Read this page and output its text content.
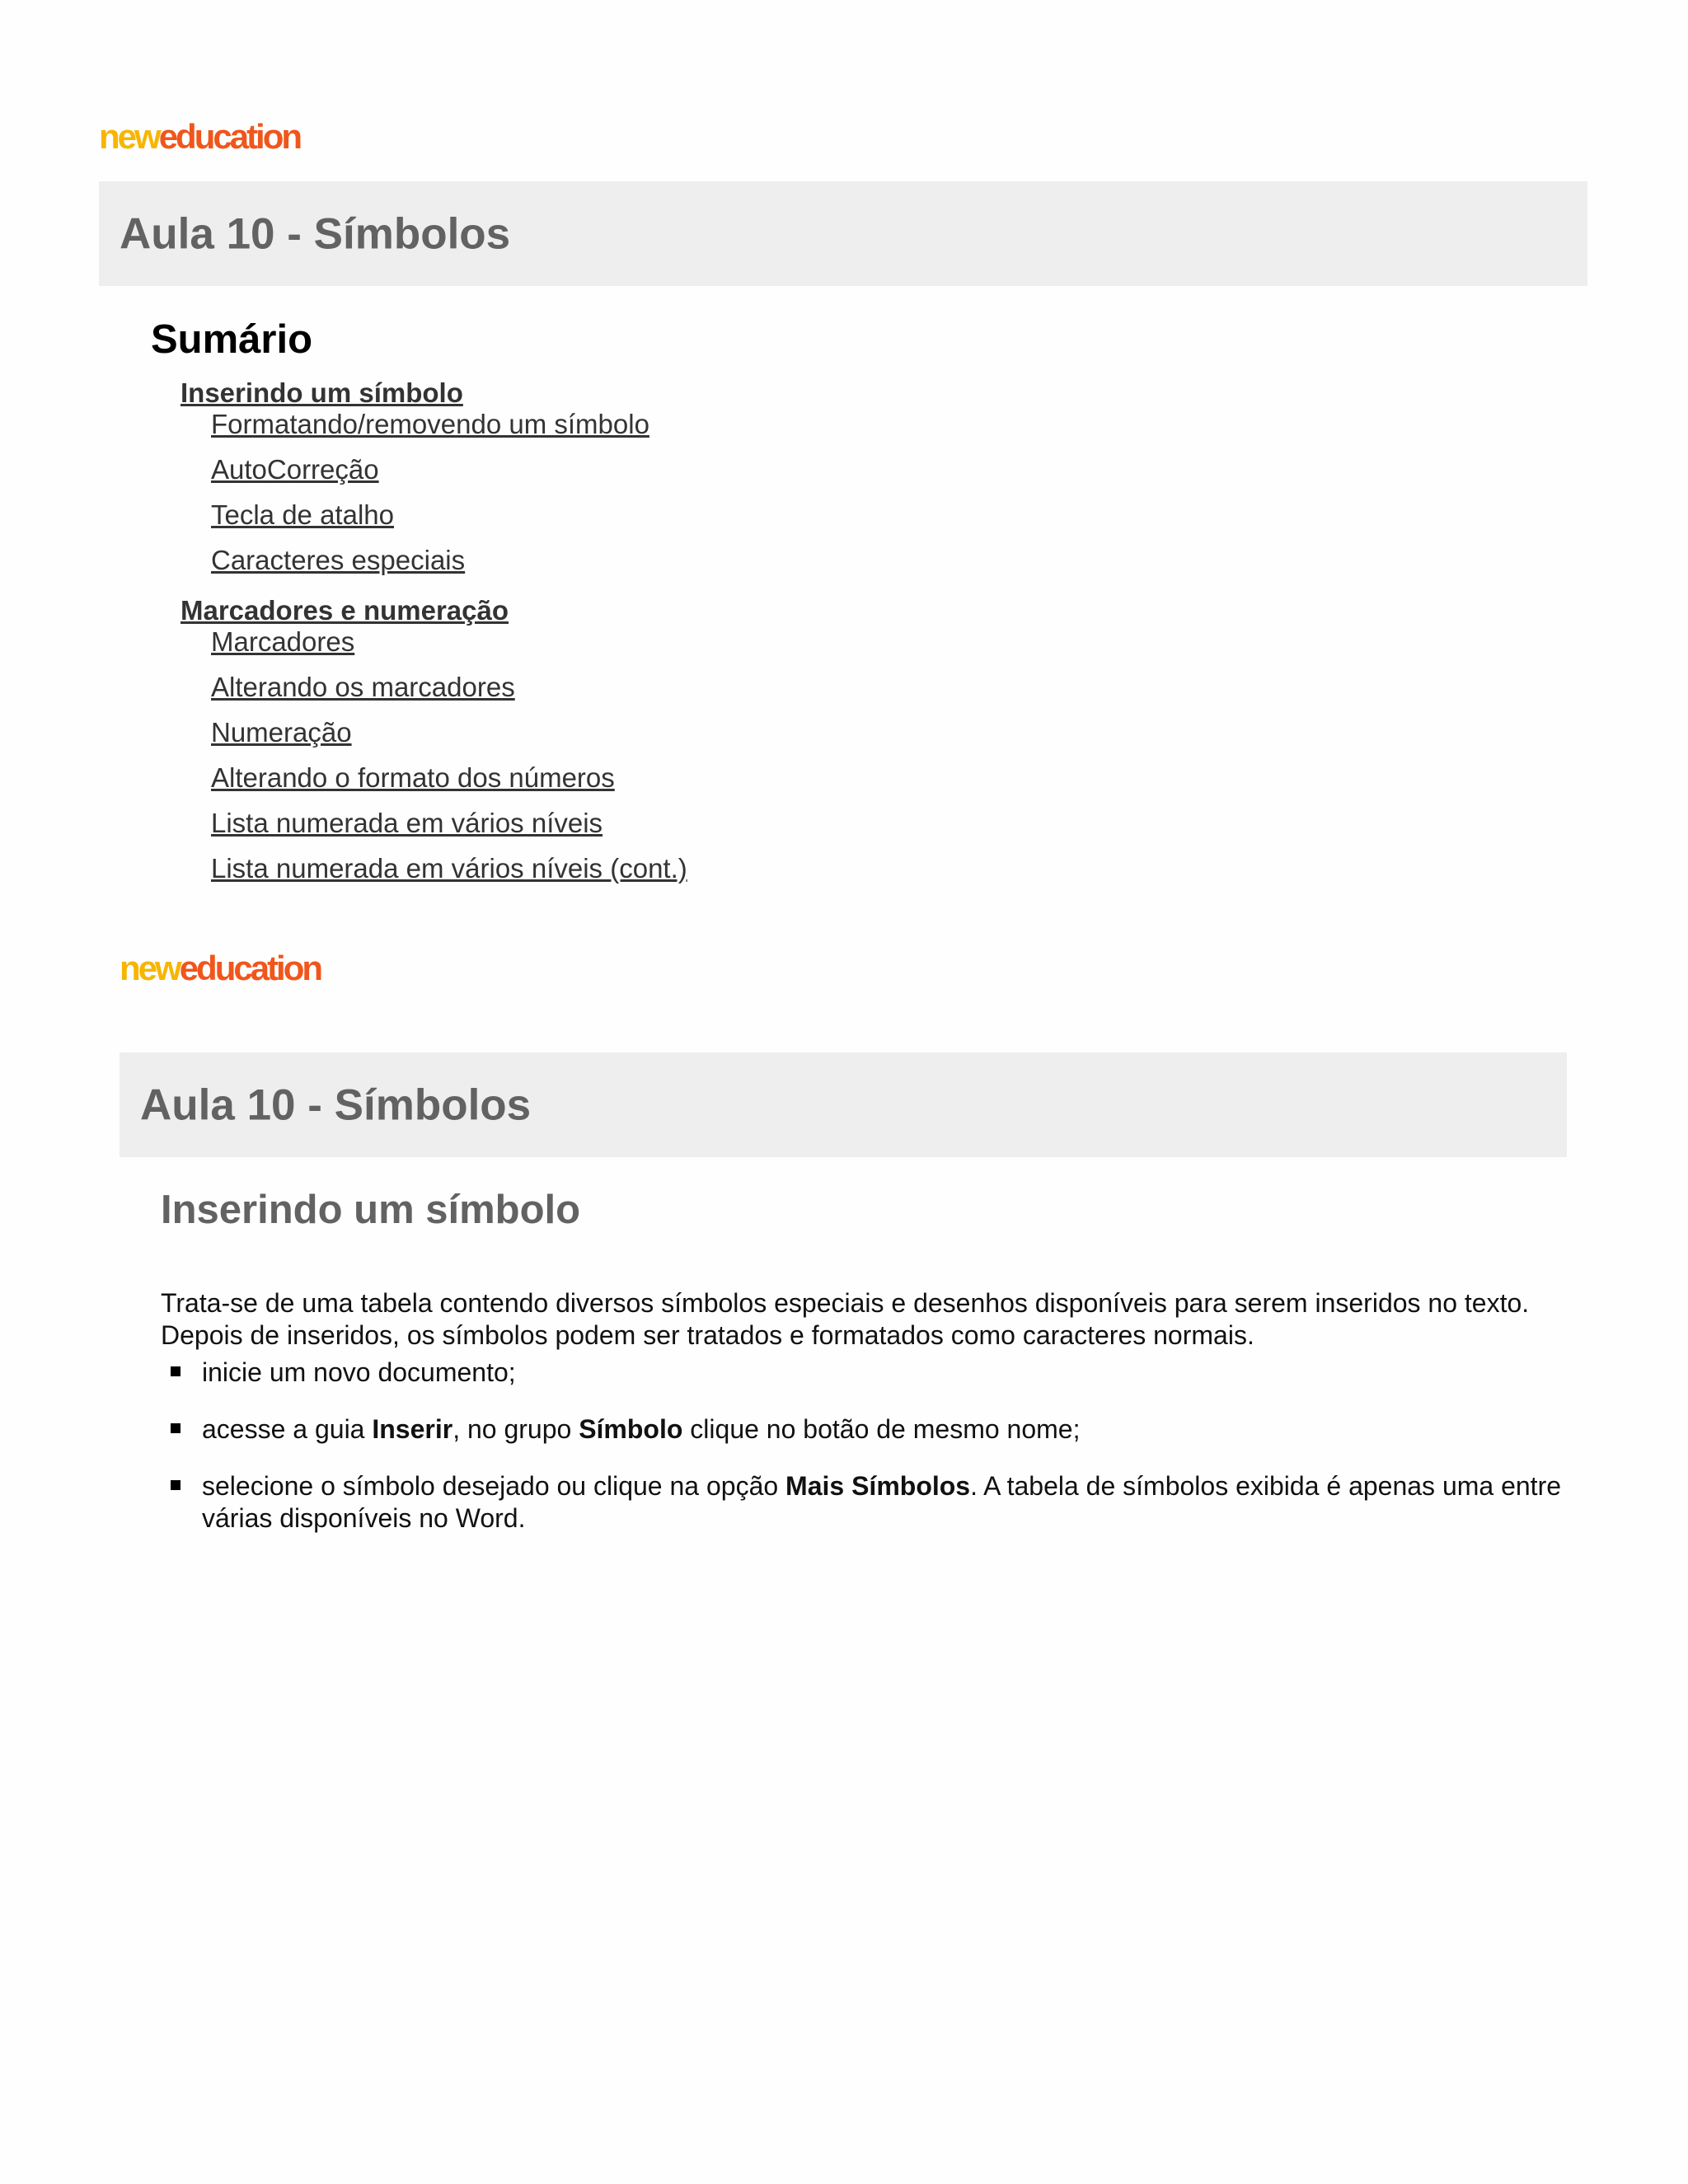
neweducation
Aula 10 - Símbolos
Sumário
Inserindo um símbolo
Formatando/removendo um símbolo
AutoCorreção
Tecla de atalho
Caracteres especiais
Marcadores e numeração
Marcadores
Alterando os marcadores
Numeração
Alterando o formato dos números
Lista numerada em vários níveis
Lista numerada em vários níveis (cont.)
neweducation
Aula 10 - Símbolos
Inserindo um símbolo
Trata-se de uma tabela contendo diversos símbolos especiais e desenhos disponíveis para serem inseridos no texto. Depois de inseridos, os símbolos podem ser tratados e formatados como caracteres normais.
inicie um novo documento;
acesse a guia Inserir, no grupo Símbolo clique no botão de mesmo nome;
selecione o símbolo desejado ou clique na opção Mais Símbolos. A tabela de símbolos exibida é apenas uma entre várias disponíveis no Word.
